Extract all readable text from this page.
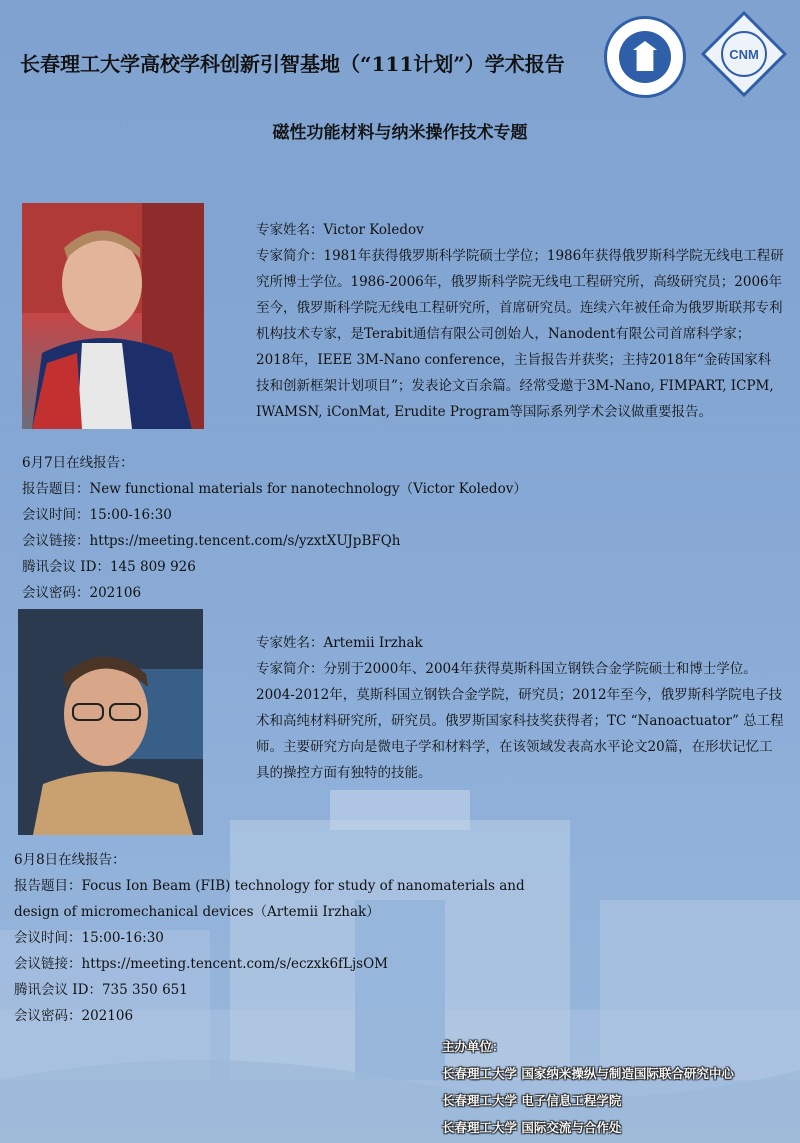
长春理工大学高校学科创新引智基地（“111计划”）学术报告	CNM
磁性功能材料与纳米操作技术专题
专家姓名：Victor Koledov
专家简介：1981年获得俄罗斯科学院硕士学位；1986年获得俄罗斯科学院无线电工程研究所博士学位。1986-2006年，俄罗斯科学院无线电工程研究所，高级研究员；2006年至今，俄罗斯科学院无线电工程研究所，首席研究员。连续六年被任命为俄罗斯联邦专利机构技术专家，是Terabit通信有限公司创始人，Nanodent有限公司首席科学家；2018年，IEEE 3M-Nano conference，主旨报告并获奖；主持2018年“金砖国家科技和创新框架计划项目”；发表论文百余篇。经常受邀于3M-Nano, FIMPART, ICPM, IWAMSN, iConMat, Erudite Program等国际系列学术会议做重要报告。
6月7日在线报告：
报告题目：New functional materials for nanotechnology（Victor Koledov）
会议时间：15:00-16:30
会议链接：https://meeting.tencent.com/s/yzxtXUJpBFQh
腾讯会议 ID：145 809 926
会议密码：202106
专家姓名：Artemii Irzhak
专家简介：分别于2000年、2004年获得莫斯科国立钢铁合金学院硕士和博士学位。2004-2012年，莫斯科国立钢铁合金学院，研究员；2012年至今，俄罗斯科学院电子技术和高纯材料研究所，研究员。俄罗斯国家科技奖获得者；TC “Nanoactuator” 总工程师。主要研究方向是微电子学和材料学，在该领域发表高水平论文20篇，在形状记忆工具的操控方面有独特的技能。
6月8日在线报告：
报告题目：Focus Ion Beam (FIB) technology for study of nanomaterials and design of micromechanical devices（Artemii Irzhak）
会议时间：15:00-16:30
会议链接：https://meeting.tencent.com/s/eczxk6fLjsOM
腾讯会议 ID：735 350 651
会议密码：202106
主办单位：
长春理工大学 国家纳米操纵与制造国际联合研究中心
长春理工大学 电子信息工程学院
长春理工大学 国际交流与合作处
